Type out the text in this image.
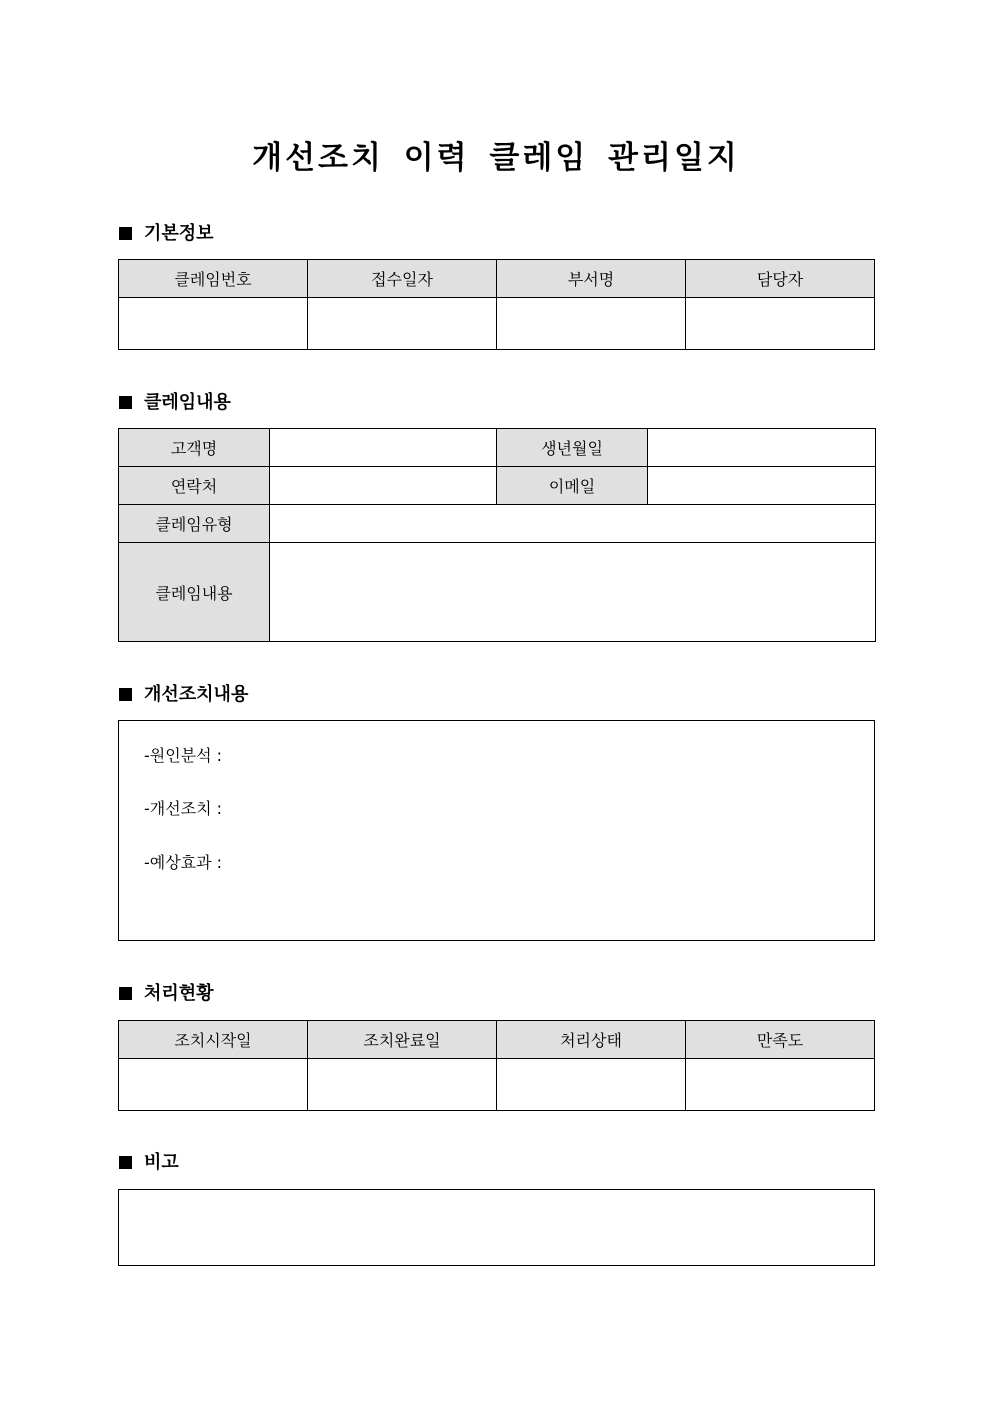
개선조치 이력 클레임 관리일지
기본정보
클레임번호	접수일자	부서명	담당자

클레임내용
고객명		생년월일	
연락처		이메일	
클레임유형			
클레임내용			
개선조치내용
-원인분석 :
-개선조치 :
-예상효과 :
처리현황
조치시작일	조치완료일	처리상태	만족도

비고
